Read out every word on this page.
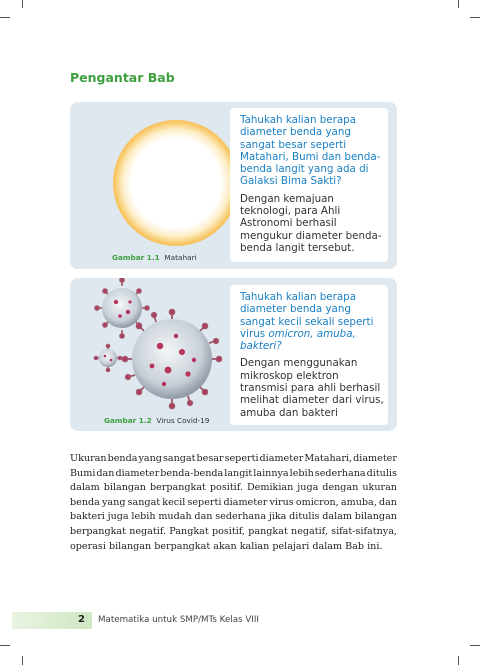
Pengantar Bab
Gambar 1.1 Matahari

Tahukah kalian berapa diameter benda yang sangat besar seperti Matahari, Bumi dan benda-benda langit yang ada di Galaksi Bima Sakti?

Dengan kemajuan teknologi, para Ahli Astronomi berhasil mengukur diameter benda-benda langit tersebut.

Gambar 1.2 Virus Covid-19

Tahukah kalian berapa diameter benda yang sangat kecil sekali seperti virus omicron, amuba, bakteri?

Dengan menggunakan mikroskop elektron transmisi para ahli berhasil melihat diameter dari virus, amuba dan bakteri

Ukuran benda yang sangat besar seperti diameter Matahari, diameter
Bumi dan diameter benda-benda langit lainnya lebih sederhana ditulis
dalam bilangan berpangkat positif. Demikian juga dengan ukuran
benda yang sangat kecil seperti diameter virus omicron, amuba, dan
bakteri juga lebih mudah dan sederhana jika ditulis dalam bilangan
berpangkat negatif. Pangkat positif, pangkat negatif, sifat-sifatnya,
operasi bilangan berpangkat akan kalian pelajari dalam Bab ini.
2 Matematika untuk SMP/MTs Kelas VIII
